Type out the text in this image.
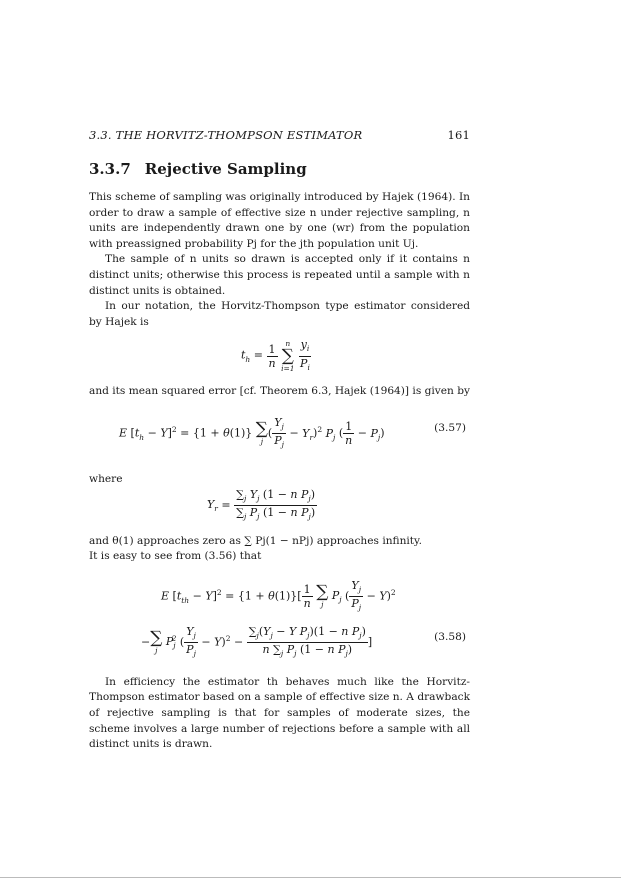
3.3. THE HORVITZ-THOMPSON ESTIMATOR	161
3.3.7 Rejective Sampling

This scheme of sampling was originally introduced by Hajek (1964). In order to draw a sample of effective size n under rejective sampling, n units are independently drawn one by one (wr) from the population with preassigned probability Pj for the jth population unit Uj.

The sample of n units so drawn is accepted only if it contains n distinct units; otherwise this process is repeated until a sample with n distinct units is obtained.

In our notation, the Horvitz-Thompson type estimator considered by Hajek is

$t_h = \frac{1}{n}$
n
∑
i=1
$\frac{y_i}{P_i}$

and its mean squared error [cf. Theorem 6.3, Hajek (1964)] is given by

E $[t_h - Y]^2 = \{1 + \theta(1)\}$ ∑
j
( $\frac{Y_j}{P_j} - Y_r)^2$ $P_j$ ( $\frac{1}{n} - P_j$)	(3.57)

where

$Y_r = \frac{\sum_j Y_j (1 - n P_j)}{\sum_j P_j (1 - n P_j)}$

and θ(1) approaches zero as ∑ Pj(1 − nPj) approaches infinity.

It is easy to see from (3.56) that

E $[t_{th} - Y]^2 = \{1 + \theta(1)\}[ \frac{1}{n}$
∑
j
$P_j$ ( $\frac{Y_j}{P_j} - Y)^2$
− ∑
j
$P_j^2$ ( $\frac{Y_j}{P_j} - Y)^2 - \frac{\sum_j(Y_j - Y P_j)(1 - n P_j)}{n \sum_j P_j (1 - n P_j)}$ ]	(3.58)

In efficiency the estimator th behaves much like the Horvitz-Thompson estimator based on a sample of effective size n. A drawback of rejective sampling is that for samples of moderate sizes, the scheme involves a large number of rejections before a sample with all distinct units is drawn.
